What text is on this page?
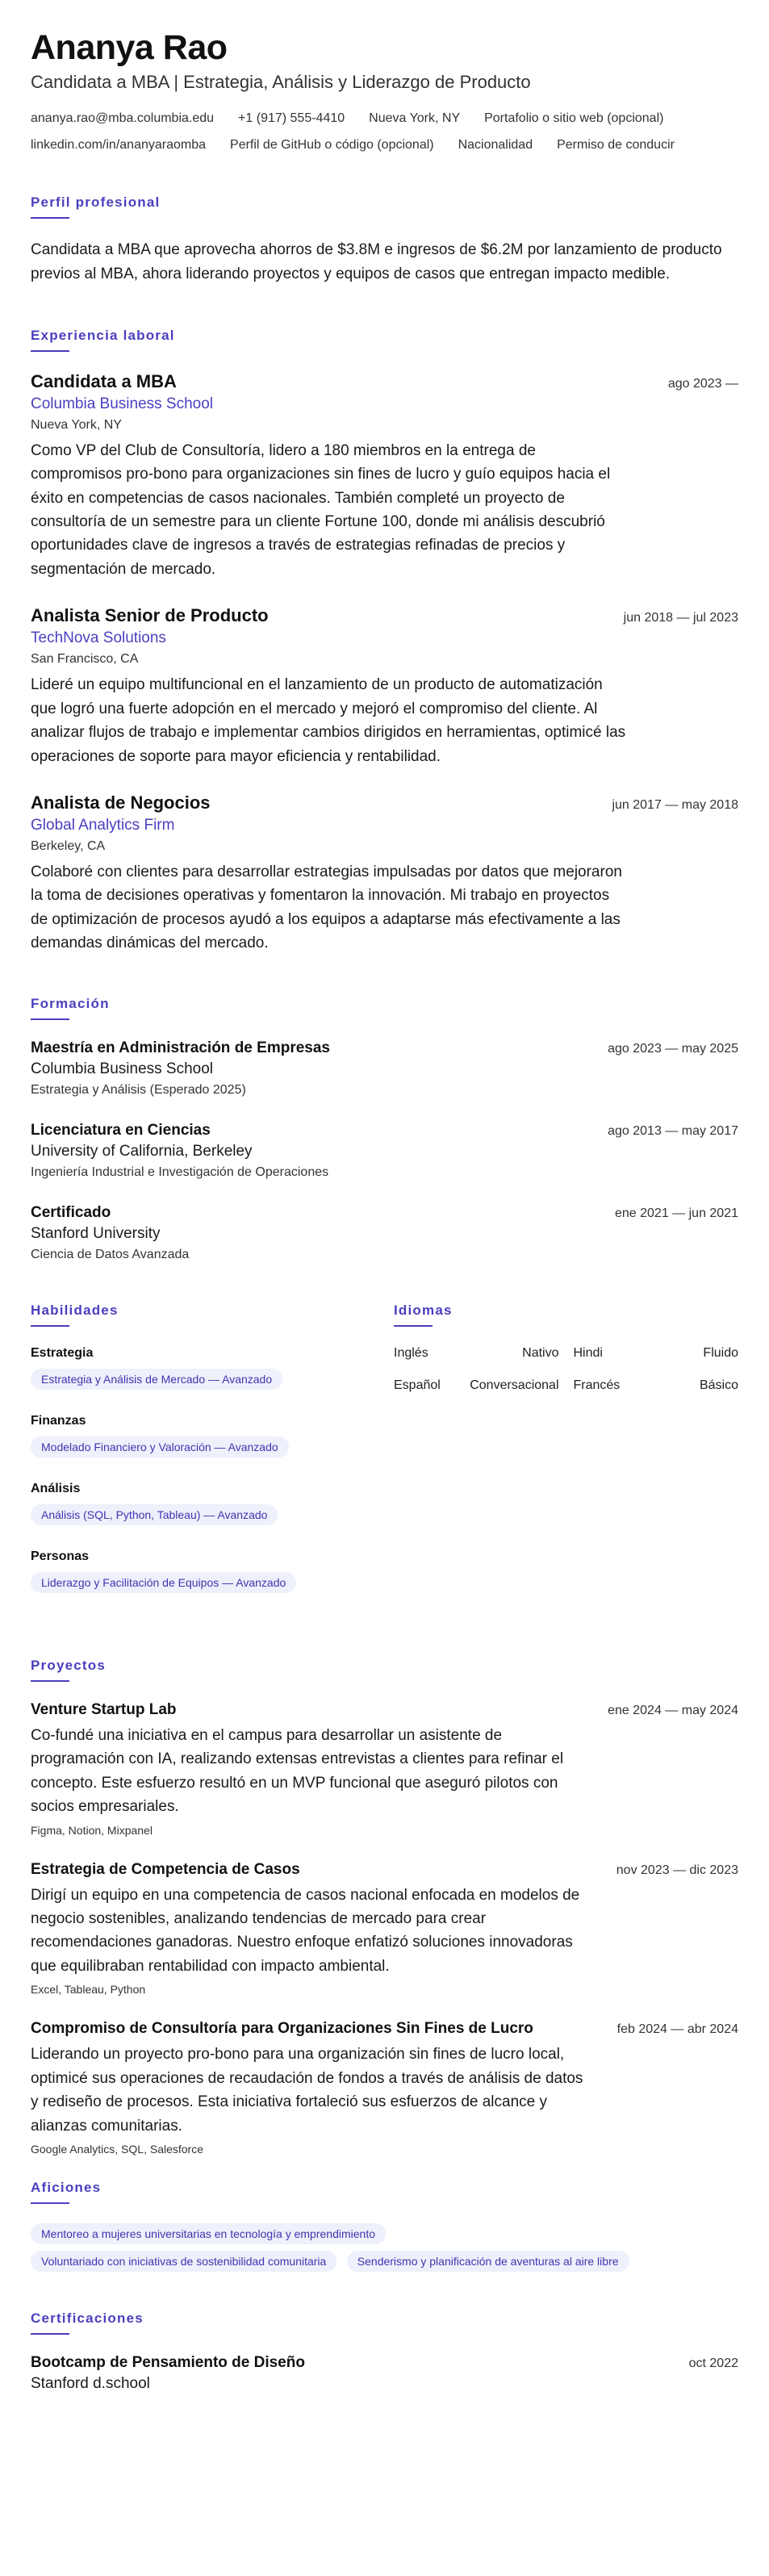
Ananya Rao
Candidata a MBA | Estrategia, Análisis y Liderazgo de Producto
ananya.rao@mba.columbia.edu +1 (917) 555-4410 Nueva York, NY Portafolio o sitio web (opcional)
linkedin.com/in/ananyaraomba Perfil de GitHub o código (opcional) Nacionalidad Permiso de conducir
Perfil profesional
Candidata a MBA que aprovecha ahorros de $3.8M e ingresos de $6.2M por lanzamiento de producto previos al MBA, ahora liderando proyectos y equipos de casos que entregan impacto medible.
Experiencia laboral
Candidata a MBA	ago 2023 —
Columbia Business School
Nueva York, NY
Como VP del Club de Consultoría, lidero a 180 miembros en la entrega de compromisos pro-bono para organizaciones sin fines de lucro y guío equipos hacia el éxito en competencias de casos nacionales. También completé un proyecto de consultoría de un semestre para un cliente Fortune 100, donde mi análisis descubrió oportunidades clave de ingresos a través de estrategias refinadas de precios y segmentación de mercado.
Analista Senior de Producto	jun 2018 — jul 2023
TechNova Solutions
San Francisco, CA
Lideré un equipo multifuncional en el lanzamiento de un producto de automatización que logró una fuerte adopción en el mercado y mejoró el compromiso del cliente. Al analizar flujos de trabajo e implementar cambios dirigidos en herramientas, optimicé las operaciones de soporte para mayor eficiencia y rentabilidad.
Analista de Negocios	jun 2017 — may 2018
Global Analytics Firm
Berkeley, CA
Colaboré con clientes para desarrollar estrategias impulsadas por datos que mejoraron la toma de decisiones operativas y fomentaron la innovación. Mi trabajo en proyectos de optimización de procesos ayudó a los equipos a adaptarse más efectivamente a las demandas dinámicas del mercado.
Formación
Maestría en Administración de Empresas	ago 2023 — may 2025
Columbia Business School
Estrategia y Análisis (Esperado 2025)
Licenciatura en Ciencias	ago 2013 — may 2017
University of California, Berkeley
Ingeniería Industrial e Investigación de Operaciones
Certificado	ene 2021 — jun 2021
Stanford University
Ciencia de Datos Avanzada
Habilidades
Estrategia
Estrategia y Análisis de Mercado — Avanzado
Finanzas
Modelado Financiero y Valoración — Avanzado
Análisis
Análisis (SQL, Python, Tableau) — Avanzado
Personas
Liderazgo y Facilitación de Equipos — Avanzado
Idiomas
Inglés	Nativo Hindi	Fluido
Español Conversacional Francés	Básico
Proyectos
Venture Startup Lab	ene 2024 — may 2024
Co-fundé una iniciativa en el campus para desarrollar un asistente de programación con IA, realizando extensas entrevistas a clientes para refinar el concepto. Este esfuerzo resultó en un MVP funcional que aseguró pilotos con socios empresariales.
Figma, Notion, Mixpanel
Estrategia de Competencia de Casos	nov 2023 — dic 2023
Dirigí un equipo en una competencia de casos nacional enfocada en modelos de negocio sostenibles, analizando tendencias de mercado para crear recomendaciones ganadoras. Nuestro enfoque enfatizó soluciones innovadoras que equilibraban rentabilidad con impacto ambiental.
Excel, Tableau, Python
Compromiso de Consultoría para Organizaciones Sin Fines de Lucro	feb 2024 — abr 2024
Liderando un proyecto pro-bono para una organización sin fines de lucro local, optimicé sus operaciones de recaudación de fondos a través de análisis de datos y rediseño de procesos. Esta iniciativa fortaleció sus esfuerzos de alcance y alianzas comunitarias.
Google Analytics, SQL, Salesforce
Aficiones
Mentoreo a mujeres universitarias en tecnología y emprendimiento
Voluntariado con iniciativas de sostenibilidad comunitaria	Senderismo y planificación de aventuras al aire libre
Certificaciones
Bootcamp de Pensamiento de Diseño	oct 2022
Stanford d.school
